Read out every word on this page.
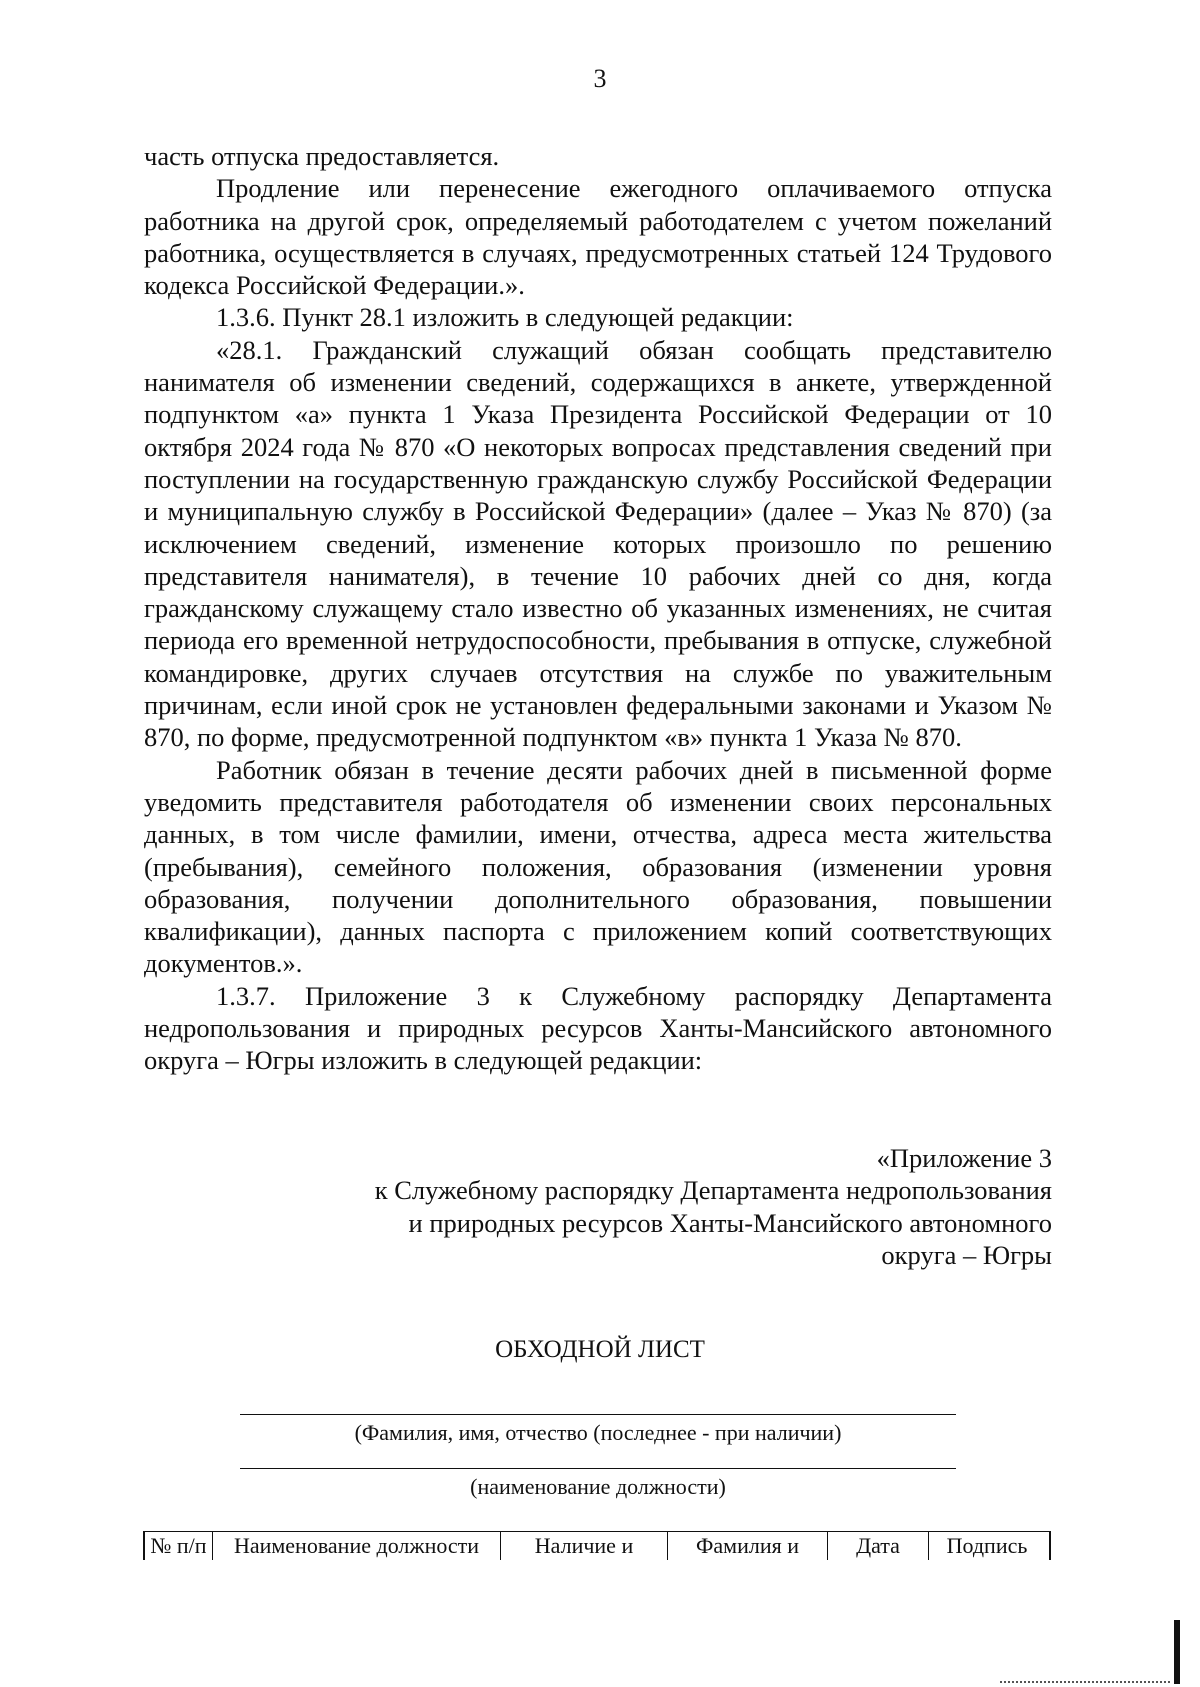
3

часть отпуска предоставляется.

Продление или перенесение ежегодного оплачиваемого отпуска работника на другой срок, определяемый работодателем с учетом пожеланий работника, осуществляется в случаях, предусмотренных статьей 124 Трудового кодекса Российской Федерации.».

1.3.6. Пункт 28.1 изложить в следующей редакции:

«28.1. Гражданский служащий обязан сообщать представителю нанимателя об изменении сведений, содержащихся в анкете, утвержденной подпунктом «а» пункта 1 Указа Президента Российской Федерации от 10 октября 2024 года № 870 «О некоторых вопросах представления сведений при поступлении на государственную гражданскую службу Российской Федерации и муниципальную службу в Российской Федерации» (далее – Указ № 870) (за исключением сведений, изменение которых произошло по решению представителя нанимателя), в течение 10 рабочих дней со дня, когда гражданскому служащему стало известно об указанных изменениях, не считая периода его временной нетрудоспособности, пребывания в отпуске, служебной командировке, других случаев отсутствия на службе по уважительным причинам, если иной срок не установлен федеральными законами и Указом № 870, по форме, предусмотренной подпунктом «в» пункта 1 Указа № 870.

Работник обязан в течение десяти рабочих дней в письменной форме уведомить представителя работодателя об изменении своих персональных данных, в том числе фамилии, имени, отчества, адреса места жительства (пребывания), семейного положения, образования (изменении уровня образования, получении дополнительного образования, повышении квалификации), данных паспорта с приложением копий соответствующих документов.».

1.3.7. Приложение 3 к Служебному распорядку Департамента недропользования и природных ресурсов Ханты-Мансийского автономного округа – Югры изложить в следующей редакции:

«Приложение 3
к Служебному распорядку Департамента недропользования
и природных ресурсов Ханты-Мансийского автономного
округа – Югры
ОБХОДНОЙ ЛИСТ
(Фамилия, имя, отчество (последнее - при наличии)
(наименование должности)
№ п/п	Наименование должности	Наличие и	Фамилия и	Дата	Подпись
